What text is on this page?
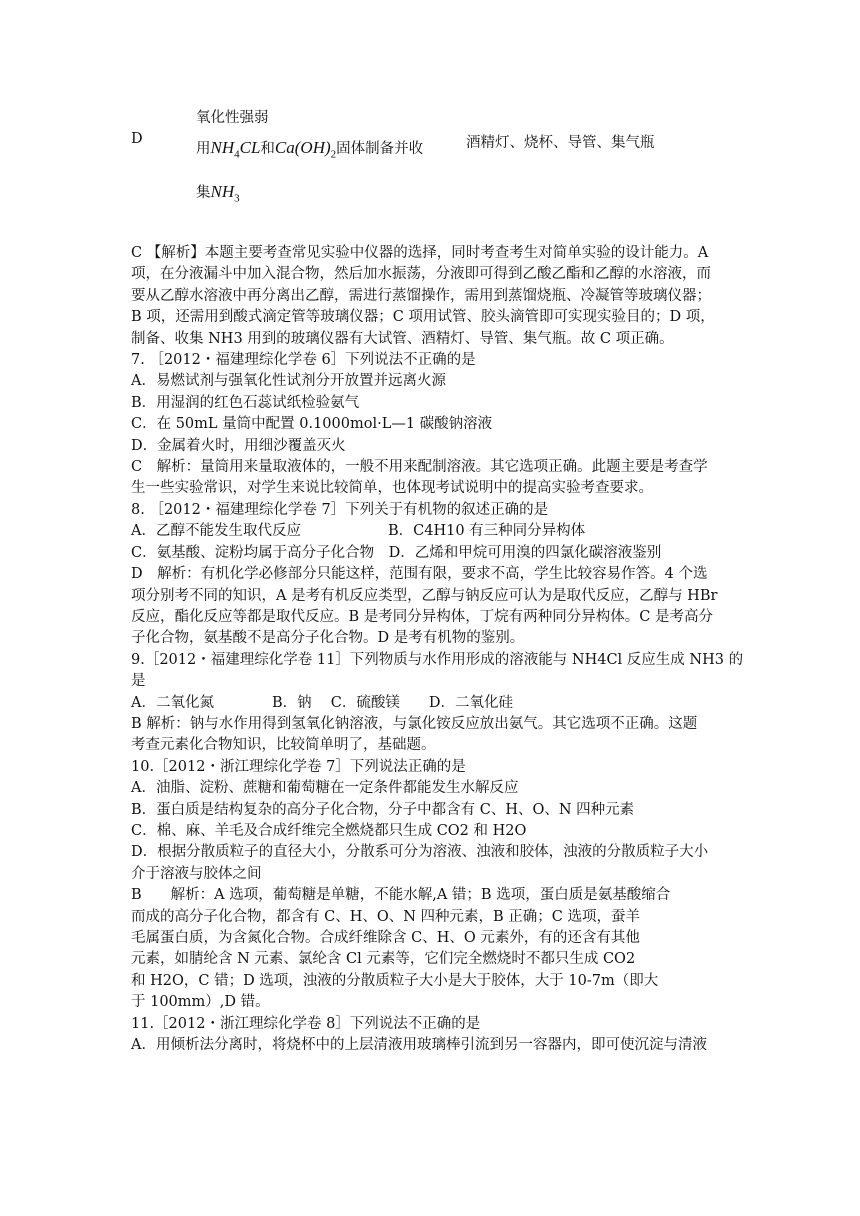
D
氧化性强弱
用$NH_4CL$和$Ca(OH)_2$固体制备并收
集$NH_3$
酒精灯、烧杯、导管、集气瓶
C 【解析】本题主要考查常见实验中仪器的选择，同时考查考生对简单实验的设计能力。A
项，在分液漏斗中加入混合物，然后加水振荡，分液即可得到乙酸乙酯和乙醇的水溶液，而
要从乙醇水溶液中再分离出乙醇，需进行蒸馏操作，需用到蒸馏烧瓶、冷凝管等玻璃仪器；
B 项，还需用到酸式滴定管等玻璃仪器；C 项用试管、胶头滴管即可实现实验目的；D 项，
制备、收集 NH3 用到的玻璃仪器有大试管、酒精灯、导管、集气瓶。故 C 项正确。
7. ［2012・福建理综化学卷 6］下列说法不正确的是
A．易燃试剂与强氧化性试剂分开放置并远离火源
B．用湿润的红色石蕊试纸检验氨气
C．在 50mL 量筒中配置 0.1000mol·L—1 碳酸钠溶液
D．金属着火时，用细沙覆盖灭火
C　解析：量筒用来量取液体的，一般不用来配制溶液。其它选项正确。此题主要是考查学
生一些实验常识，对学生来说比较简单，也体现考试说明中的提高实验考查要求。
8. ［2012・福建理综化学卷 7］下列关于有机物的叙述正确的是
A．乙醇不能发生取代反应　　　　　　B．C4H10 有三种同分异构体
C．氨基酸、淀粉均属于高分子化合物　D．乙烯和甲烷可用溴的四氯化碳溶液鉴别
D　解析：有机化学必修部分只能这样，范围有限，要求不高，学生比较容易作答。4 个选
项分别考不同的知识，A 是考有机反应类型，乙醇与钠反应可认为是取代反应，乙醇与 HBr
反应，酯化反应等都是取代反应。B 是考同分异构体，丁烷有两种同分异构体。C 是考高分
子化合物，氨基酸不是高分子化合物。D 是考有机物的鉴别。
9.［2012・福建理综化学卷 11］下列物质与水作用形成的溶液能与 NH4Cl 反应生成 NH3 的
是
A．二氧化氮　　　　B．钠　 C．硫酸镁　　D．二氧化硅
B 解析：钠与水作用得到氢氧化钠溶液，与氯化铵反应放出氨气。其它选项不正确。这题
考查元素化合物知识，比较简单明了，基础题。
10.［2012・浙江理综化学卷 7］下列说法正确的是
A．油脂、淀粉、蔗糖和葡萄糖在一定条件都能发生水解反应
B．蛋白质是结构复杂的高分子化合物，分子中都含有 C、H、O、N 四种元素
C．棉、麻、羊毛及合成纤维完全燃烧都只生成 CO2 和 H2O
D．根据分散质粒子的直径大小，分散系可分为溶液、浊液和胶体，浊液的分散质粒子大小
介于溶液与胶体之间
B　　解析：A 选项，葡萄糖是单糖，不能水解,A 错；B 选项，蛋白质是氨基酸缩合
而成的高分子化合物，都含有 C、H、O、N 四种元素，B 正确；C 选项，蚕羊
毛属蛋白质，为含氮化合物。合成纤维除含 C、H、O 元素外，有的还含有其他
元素，如腈纶含 N 元素、氯纶含 Cl 元素等，它们完全燃烧时不都只生成 CO2
和 H2O，C 错；D 选项，浊液的分散质粒子大小是大于胶体，大于 10-7m（即大
于 100mm）,D 错。
11.［2012・浙江理综化学卷 8］下列说法不正确的是
A．用倾析法分离时，将烧杯中的上层清液用玻璃棒引流到另一容器内，即可使沉淀与清液
